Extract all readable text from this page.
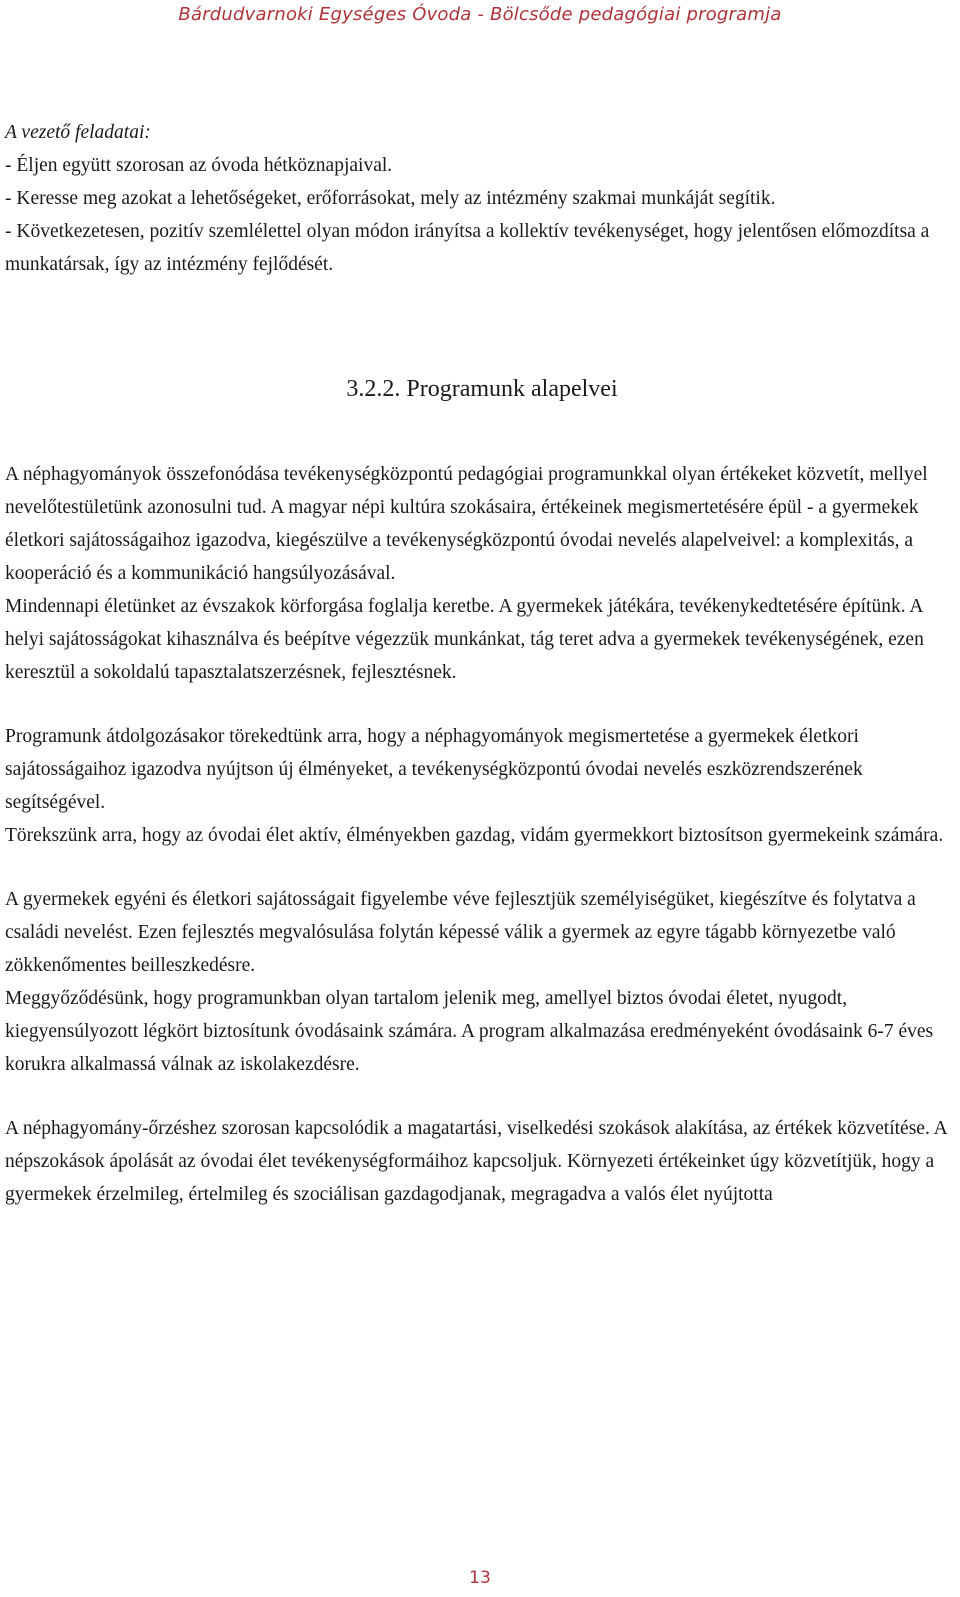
Bárdudvarnoki Egységes Óvoda - Bölcsőde pedagógiai programja

A vezető feladatai:

- Éljen együtt szorosan az óvoda hétköznapjaival.

- Keresse meg azokat a lehetőségeket, erőforrásokat, mely az intézmény szakmai munkáját segítik.

- Következetesen, pozitív szemlélettel olyan módon irányítsa a kollektív tevékenységet, hogy jelentősen előmozdítsa a munkatársak, így az intézmény fejlődését.

3.2.2. Programunk alapelvei

A néphagyományok összefonódása tevékenységközpontú pedagógiai programunkkal olyan értékeket közvetít, mellyel nevelőtestületünk azonosulni tud. A magyar népi kultúra szokásaira, értékeinek megismertetésére épül - a gyermekek életkori sajátosságaihoz igazodva, kiegészülve a tevékenységközpontú óvodai nevelés alapelveivel: a komplexitás, a kooperáció és a kommunikáció hangsúlyozásával.

Mindennapi életünket az évszakok körforgása foglalja keretbe. A gyermekek játékára, tevékenykedtetésére építünk. A helyi sajátosságokat kihasználva és beépítve végezzük munkánkat, tág teret adva a gyermekek tevékenységének, ezen keresztül a sokoldalú tapasztalatszerzésnek, fejlesztésnek.

Programunk átdolgozásakor törekedtünk arra, hogy a néphagyományok megismertetése a gyermekek életkori sajátosságaihoz igazodva nyújtson új élményeket, a tevékenységközpontú óvodai nevelés eszközrendszerének segítségével.

Törekszünk arra, hogy az óvodai élet aktív, élményekben gazdag, vidám gyermekkort biztosítson gyermekeink számára.

A gyermekek egyéni és életkori sajátosságait figyelembe véve fejlesztjük személyiségüket, kiegészítve és folytatva a családi nevelést. Ezen fejlesztés megvalósulása folytán képessé válik a gyermek az egyre tágabb környezetbe való zökkenőmentes beilleszkedésre.

Meggyőződésünk, hogy programunkban olyan tartalom jelenik meg, amellyel biztos óvodai életet, nyugodt, kiegyensúlyozott légkört biztosítunk óvodásaink számára. A program alkalmazása eredményeként óvodásaink 6-7 éves korukra alkalmassá válnak az iskolakezdésre.

A néphagyomány-őrzéshez szorosan kapcsolódik a magatartási, viselkedési szokások alakítása, az értékek közvetítése. A népszokások ápolását az óvodai élet tevékenységformáihoz kapcsoljuk. Környezeti értékeinket úgy közvetítjük, hogy a gyermekek érzelmileg, értelmileg és szociálisan gazdagodjanak, megragadva a valós élet nyújtotta

13
